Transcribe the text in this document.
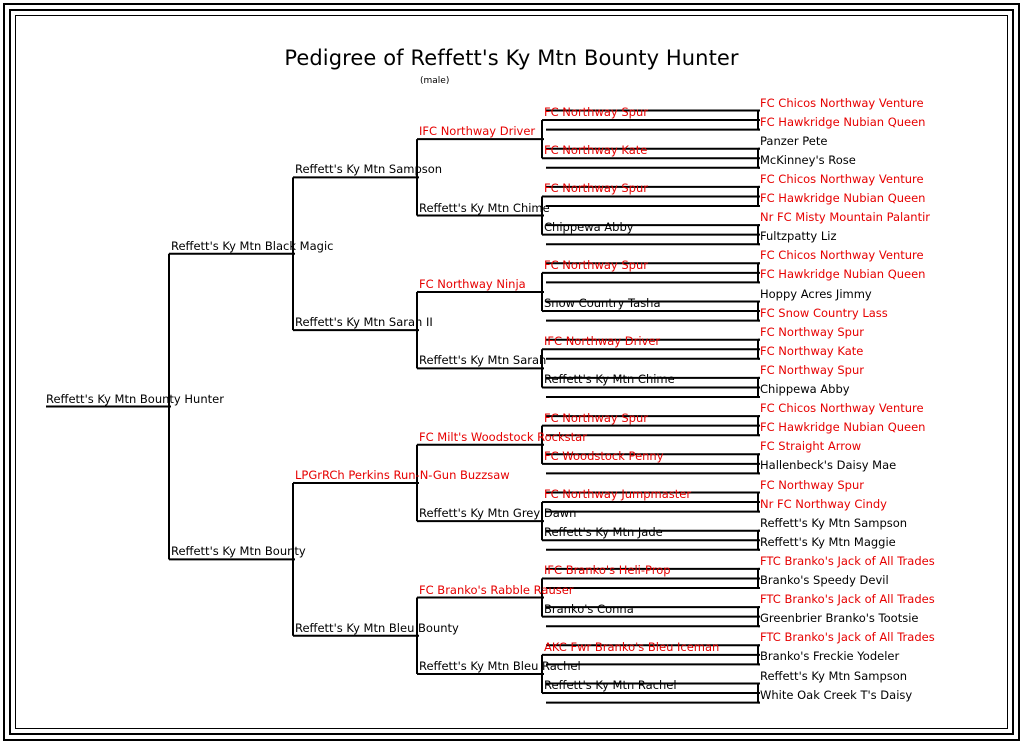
Pedigree of Reffett's Ky Mtn Bounty Hunter
(male)
Reffett's Ky Mtn Bounty Hunter
Reffett's Ky Mtn Black Magic
Reffett's Ky Mtn Bounty
Reffett's Ky Mtn Sampson
Reffett's Ky Mtn Sarah II
LPGrRCh Perkins Run-N-Gun Buzzsaw
Reffett's Ky Mtn Bleu Bounty
IFC Northway Driver
Reffett's Ky Mtn Chime
FC Northway Ninja
Reffett's Ky Mtn Sarah
FC Milt's Woodstock Rockstar
Reffett's Ky Mtn Grey Dawn
FC Branko's Rabble Rauser
Reffett's Ky Mtn Bleu Rachel
FC Northway Spur
FC Northway Kate
FC Northway Spur
Chippewa Abby
FC Northway Spur
Snow Country Tasha
IFC Northway Driver
Reffett's Ky Mtn Chime
FC Northway Spur
FC Woodstock Penny
FC Northway Jumpmaster
Reffett's Ky Mtn Jade
IFC Branko's Heli-Prop
Branko's Conna
AKC Fwr Branko's Bleu Iceman
Reffett's Ky Mtn Rachel
FC Chicos Northway Venture
FC Hawkridge Nubian Queen
Panzer Pete
McKinney's Rose
FC Chicos Northway Venture
FC Hawkridge Nubian Queen
Nr FC Misty Mountain Palantir
Fultzpatty Liz
FC Chicos Northway Venture
FC Hawkridge Nubian Queen
Hoppy Acres Jimmy
FC Snow Country Lass
FC Northway Spur
FC Northway Kate
FC Northway Spur
Chippewa Abby
FC Chicos Northway Venture
FC Hawkridge Nubian Queen
FC Straight Arrow
Hallenbeck's Daisy Mae
FC Northway Spur
Nr FC Northway Cindy
Reffett's Ky Mtn Sampson
Reffett's Ky Mtn Maggie
FTC Branko's Jack of All Trades
Branko's Speedy Devil
FTC Branko's Jack of All Trades
Greenbrier Branko's Tootsie
FTC Branko's Jack of All Trades
Branko's Freckie Yodeler
Reffett's Ky Mtn Sampson
White Oak Creek T's Daisy
